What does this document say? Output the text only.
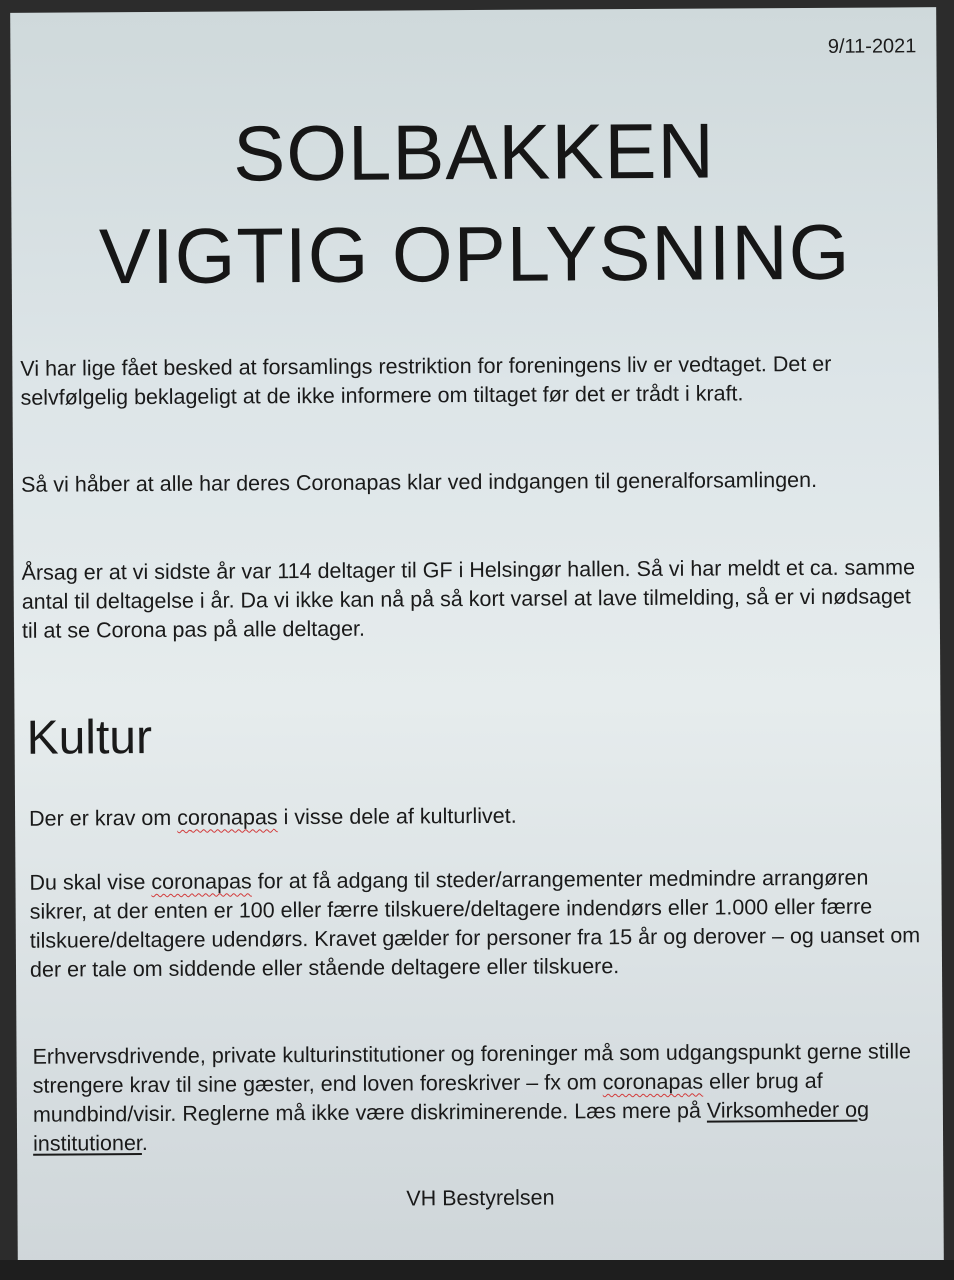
9/11-2021
SOLBAKKEN
VIGTIG OPLYSNING
Vi har lige fået besked at forsamlings restriktion for foreningens liv er vedtaget. Det er selvfølgelig beklageligt at de ikke informere om tiltaget før det er trådt i kraft.
Så vi håber at alle har deres Coronapas klar ved indgangen til generalforsamlingen.
Årsag er at vi sidste år var 114 deltager til GF i Helsingør hallen. Så vi har meldt et ca. samme antal til deltagelse i år. Da vi ikke kan nå på så kort varsel at lave tilmelding, så er vi nødsaget til at se Corona pas på alle deltager.
Kultur
Der er krav om coronapas i visse dele af kulturlivet.
Du skal vise coronapas for at få adgang til steder/arrangementer medmindre arrangøren sikrer, at der enten er 100 eller færre tilskuere/deltagere indendørs eller 1.000 eller færre tilskuere/deltagere udendørs. Kravet gælder for personer fra 15 år og derover – og uanset om der er tale om siddende eller stående deltagere eller tilskuere.
Erhvervsdrivende, private kulturinstitutioner og foreninger må som udgangspunkt gerne stille strengere krav til sine gæster, end loven foreskriver – fx om coronapas eller brug af mundbind/visir. Reglerne må ikke være diskriminerende. Læs mere på Virksomheder og institutioner.
VH Bestyrelsen
